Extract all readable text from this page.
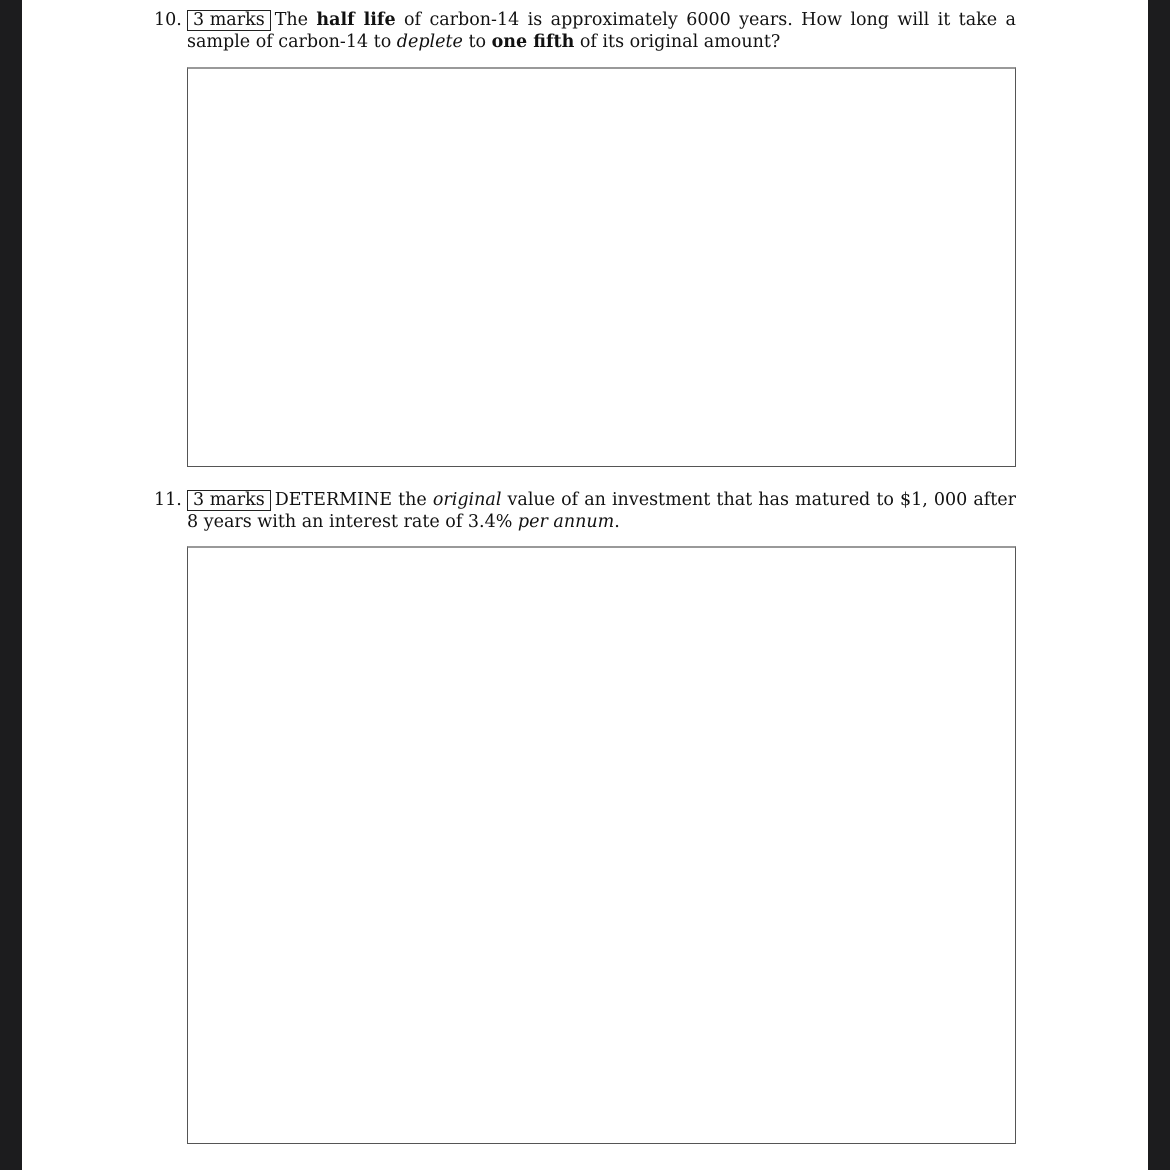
10. 3 marks The half life of carbon-14 is approximately 6000 years. How long will it take a sample of carbon-14 to deplete to one fifth of its original amount?
11. 3 marks DETERMINE the original value of an investment that has matured to $1, 000 after 8 years with an interest rate of 3.4% per annum.
